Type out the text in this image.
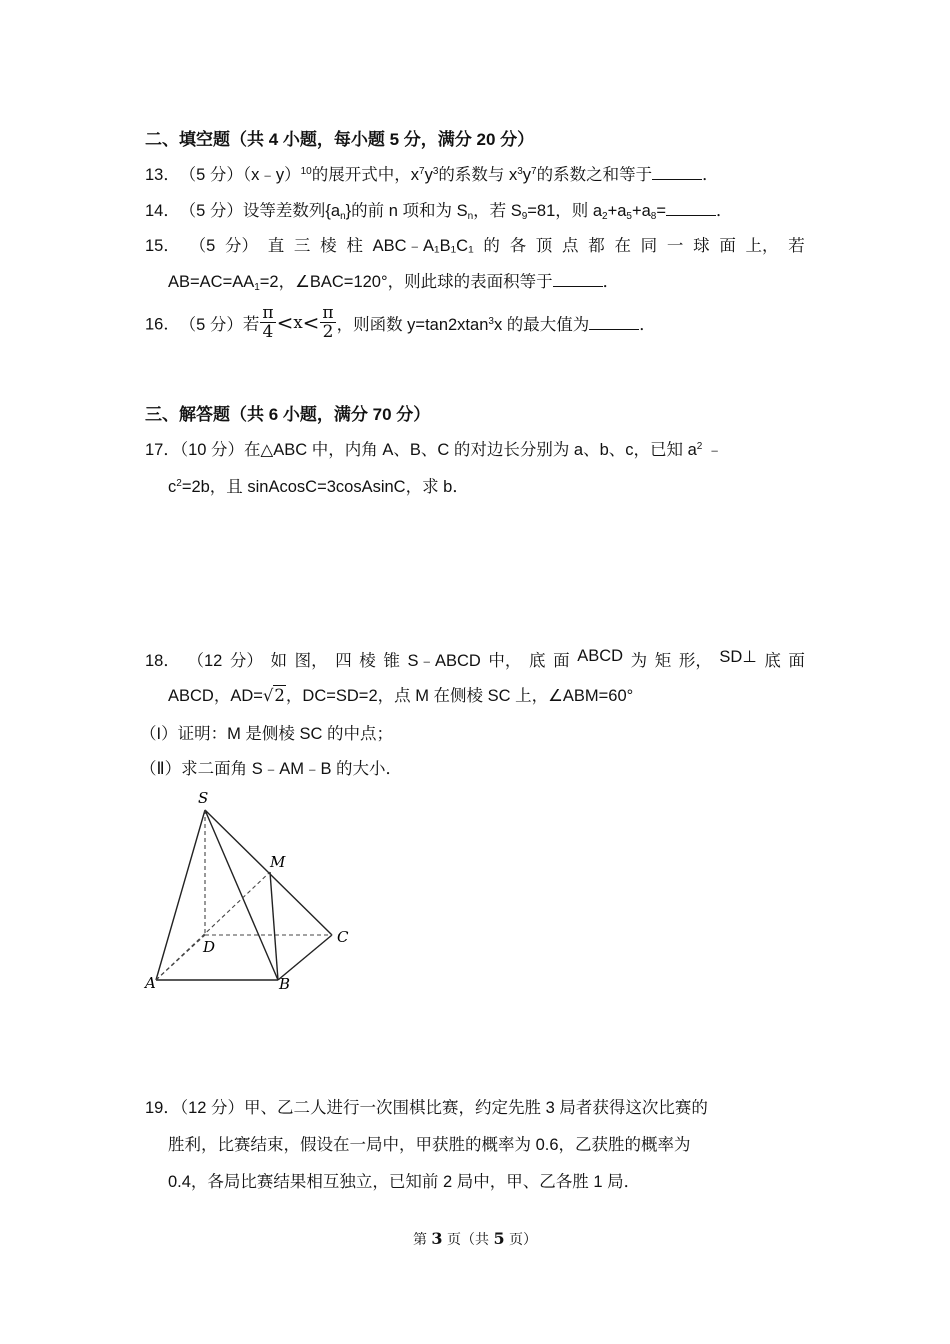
二、填空题（共 4 小题，每小题 5 分，满分 20 分）
13． （5 分）（x﹣y）$^{10}$的展开式中，$x^7y^3$的系数与 $x^3y^7$的系数之和等于	．
14． （5 分）设等差数列$\{a_n\}$的前 n 项和为 $S_n$，若 $S_9=81$，则 $a_2+a_5+a_8=$	．
15． （5 分） 直 三 棱 柱 ABC﹣A₁B₁C₁ 的 各 顶 点 都 在 同 一 球 面 上， 若
$AB=AC=AA_1=2$，∠BAC=120°，则此球的表面积等于	．
16． （5 分）若 $\frac{\pi}{4} <x< \frac{\pi}{2}$ ，则函数 y=tan2xtan$^3$x 的最大值为	．
三、解答题（共 6 小题，满分 70 分）
17．（10 分）在△ABC 中，内角 A、B、C 的对边长分别为 a、b、c，已知 $a^2$ ﹣
$c^2=2b$，且 sinAcosC=3cosAsinC，求 b．
18． （12 分） 如 图， 四 棱 锥 S﹣ABCD 中， 底 面 ABCD 为 矩 形， SD⊥ 底 面
ABCD，AD=√2，DC=SD=2，点 M 在侧棱 SC 上，∠ABM=60°
（I）证明：M 是侧棱 SC 的中点；
（Ⅱ）求二面角 S﹣AM﹣B 的大小．
S
M
D
C
A	B
19．（12 分）甲、乙二人进行一次围棋比赛，约定先胜 3 局者获得这次比赛的
胜利，比赛结束，假设在一局中，甲获胜的概率为 0.6，乙获胜的概率为
0.4，各局比赛结果相互独立，已知前 2 局中，甲、乙各胜 1 局．
第 3 页（共 5 页）
